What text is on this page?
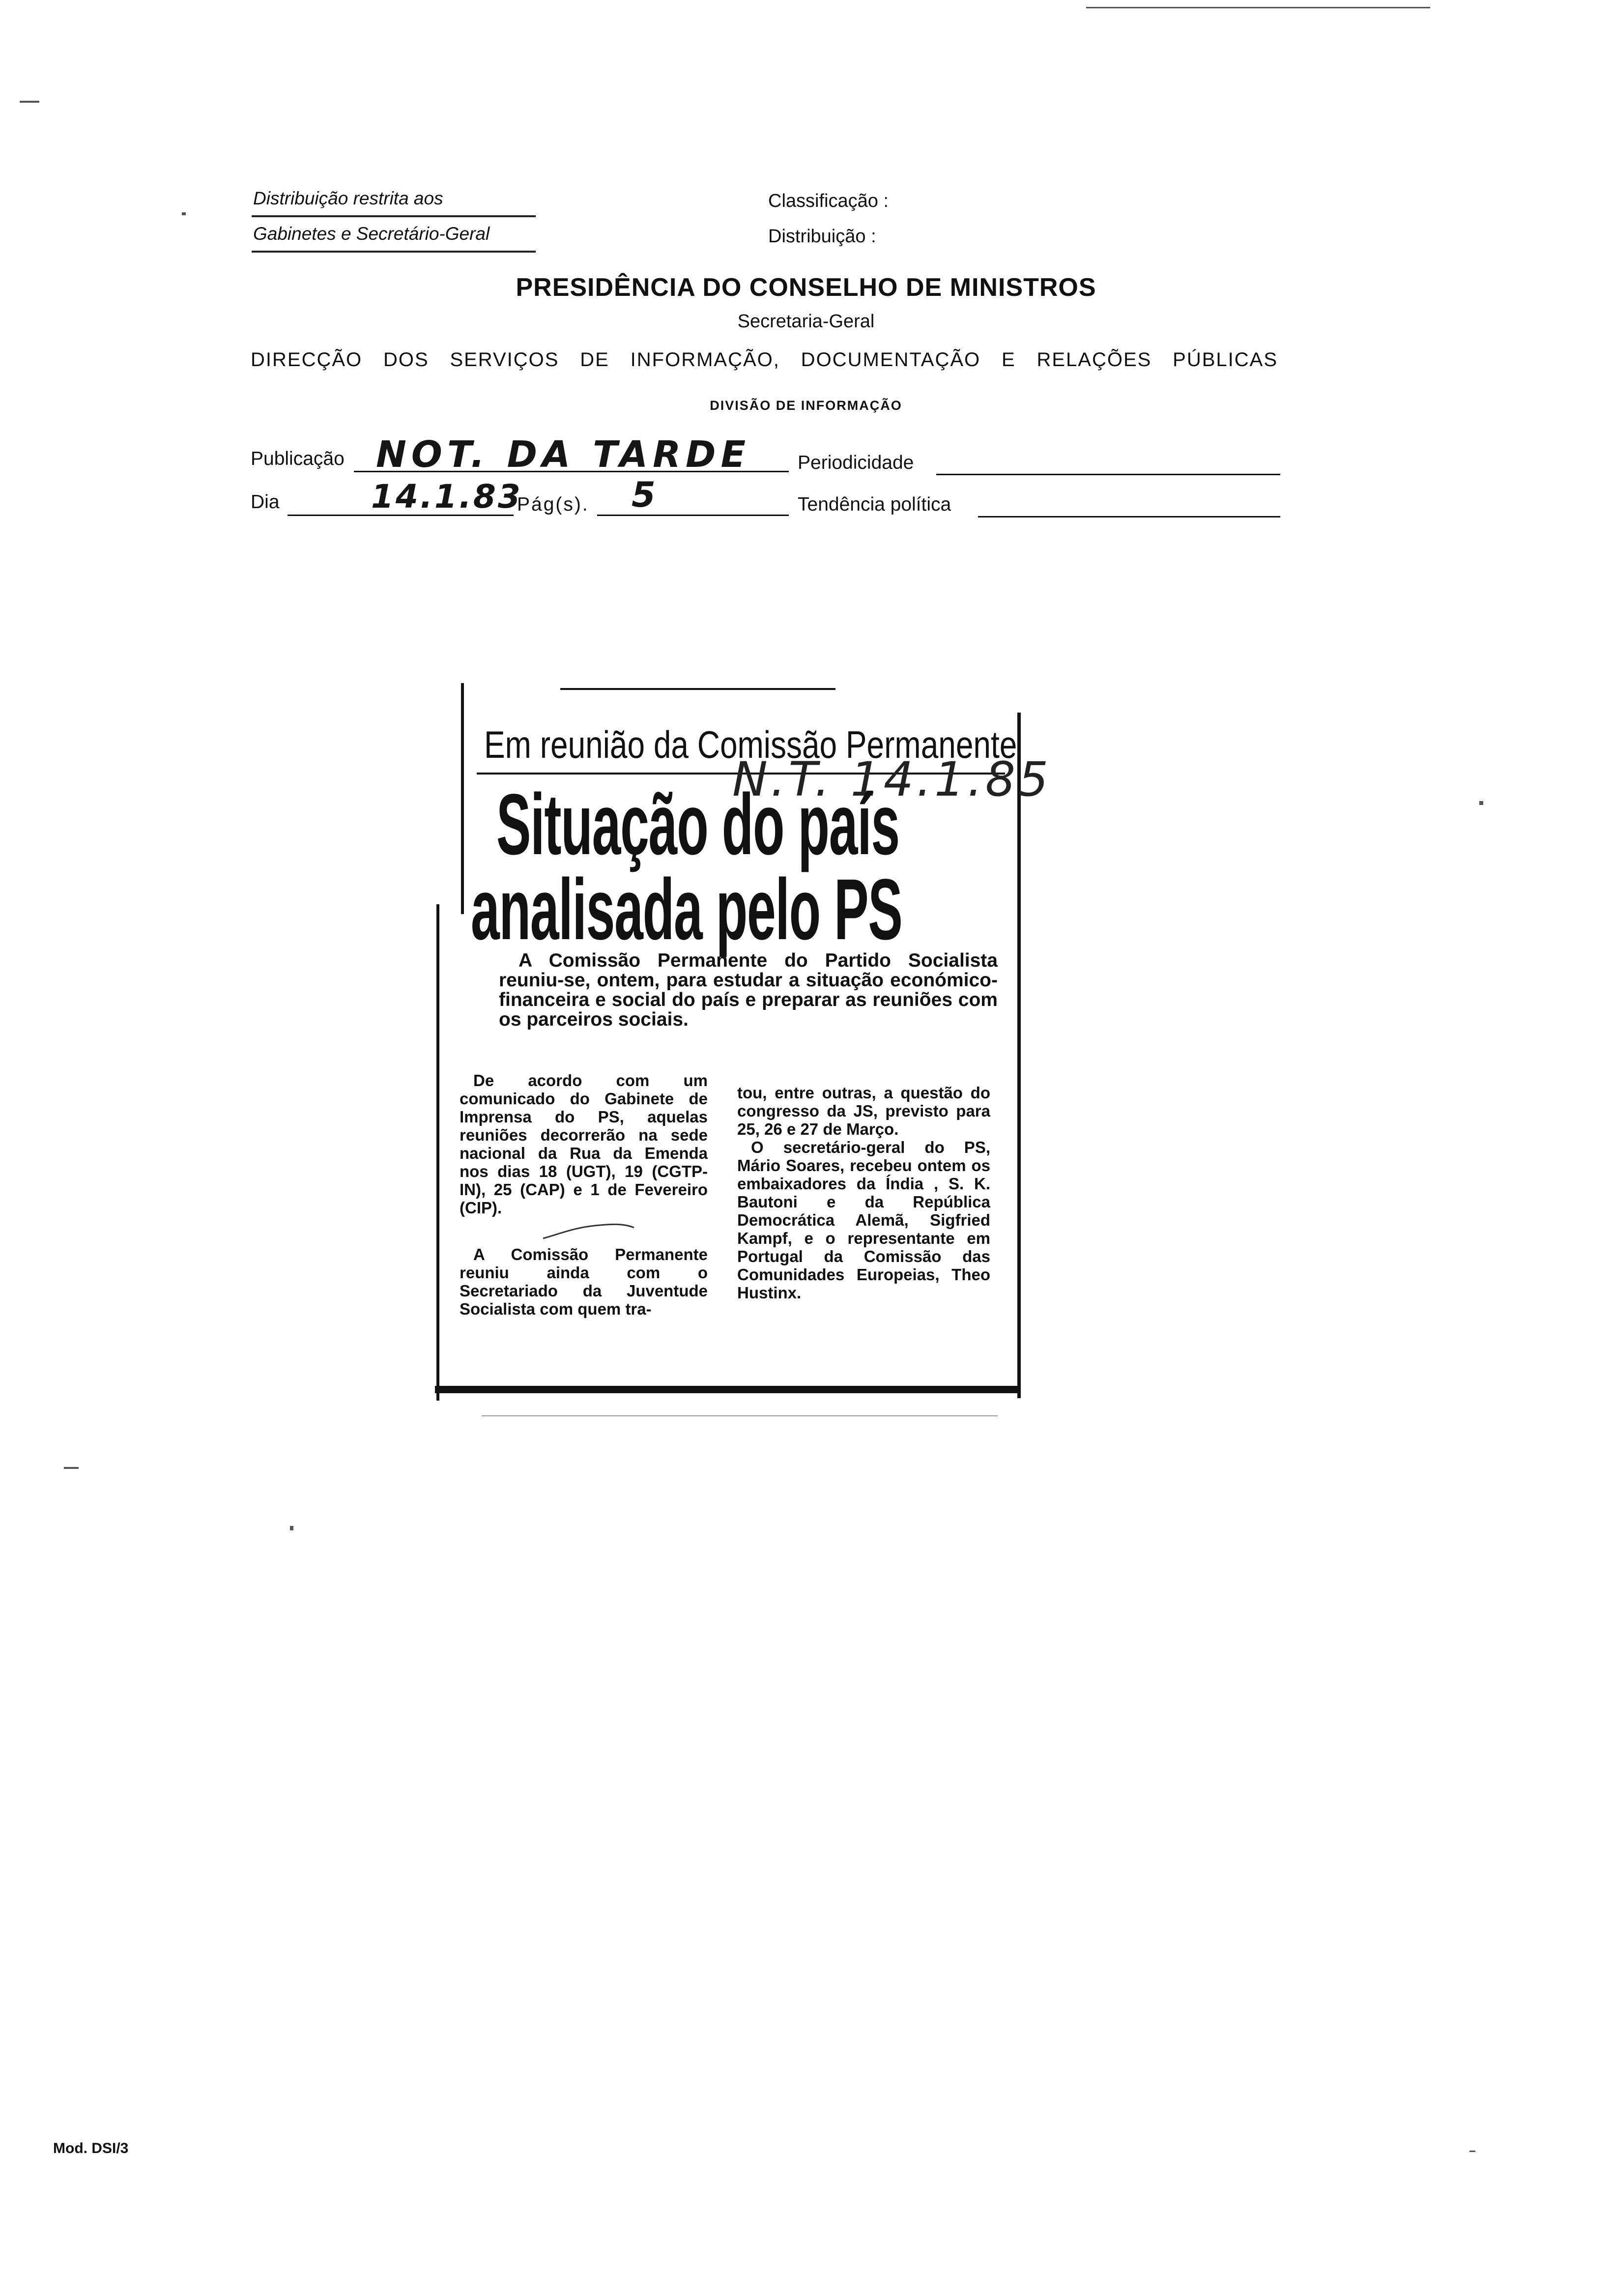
Distribuição restrita aos
Gabinetes e Secretário-Geral
Classificação :
Distribuição :
PRESIDÊNCIA DO CONSELHO DE MINISTROS
Secretaria-Geral
DIRECÇÃO DOS SERVIÇOS DE INFORMAÇÃO, DOCUMENTAÇÃO E RELAÇÕES PÚBLICAS
DIVISÃO DE INFORMAÇÃO
Publicação NOT. DA TARDE Periodicidade
Dia	14.1.83
Pág(s). 5	Tendência política
Em reunião da Comissão Permanente
N.T. 14.1.85
Situação do país
analisada pelo PS
A Comissão Permanente do Partido Socialista reuniu-se, ontem, para estudar a situação económico-financeira e social do país e preparar as reuniões com os parceiros sociais.

De acordo com um comunicado do Gabinete de Imprensa do PS, aquelas reuniões decorrerão na sede nacional da Rua da Emenda nos dias 18 (UGT), 19 (CGTP-IN), 25 (CAP) e 1 de Fevereiro (CIP).

A Comissão Permanente reuniu ainda com o Secretariado da Juventude Socialista com quem tra-

tou, entre outras, a questão do congresso da JS, previsto para 25, 26 e 27 de Março.

O secretário-geral do PS, Mário Soares, recebeu ontem os embaixadores da Índia , S. K. Bautoni e da República Democrática Alemã, Sigfried Kampf, e o representante em Portugal da Comissão das Comunidades Europeias, Theo Hustinx.

Mod. DSI/3
